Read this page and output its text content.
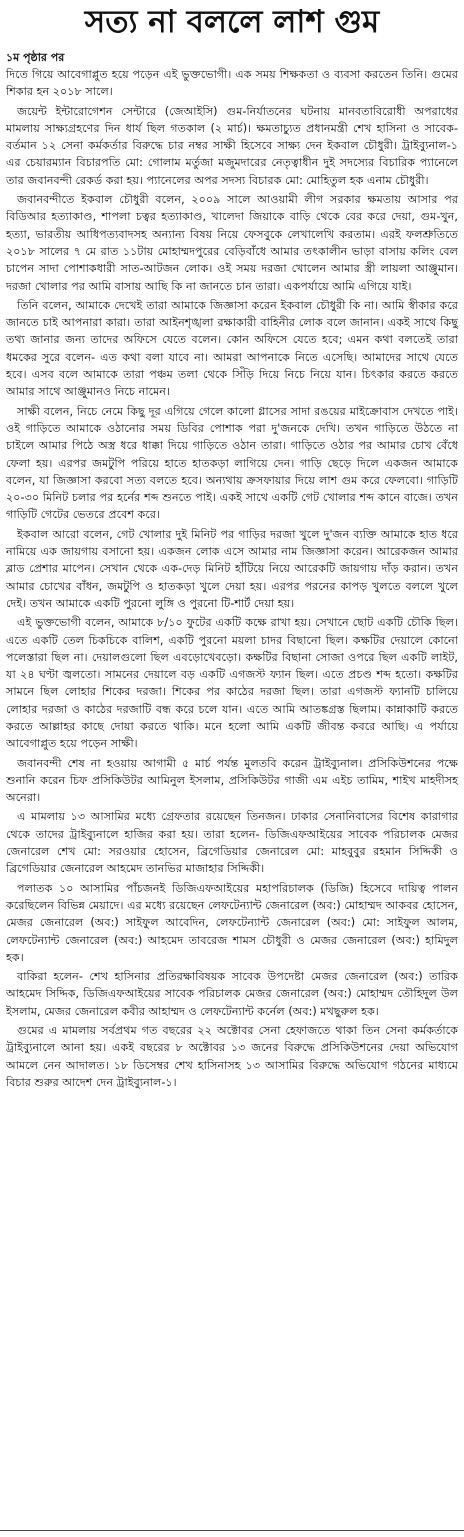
সত্য না বললে লাশ গুম
১ম পৃষ্ঠার পর

দিতে গিয়ে আবেগাপ্লুত হয়ে পড়েন এই ভুক্তভোগী। এক সময় শিক্ষকতা ও ব্যবসা করতেন তিনি। গুমের শিকার হন ২০১৮ সালে।

জয়েন্ট ইন্টারোগেশন সেন্টারে (জেআইসি) গুম-নির্যাতনের ঘটনায় মানবতাবিরোধী অপরাধের মামলায় সাক্ষ্যগ্রহণের দিন ধার্য ছিল গতকাল (২ মার্চ)। ক্ষমতাচ্যুত প্রধানমন্ত্রী শেখ হাসিনা ও সাবেক-বর্তমান ১২ সেনা কর্মকর্তার বিরুদ্ধে চার নম্বর সাক্ষী হিসেবে সাক্ষ্য দেন ইকবাল চৌধুরী। ট্রাইব্যুনাল-১ এর চেয়ারম্যান বিচারপতি মো: গোলাম মর্তুজা মজুমদারের নেতৃত্বাধীন দুই সদস্যের বিচারিক প্যানেলে তার জবানবন্দী রেকর্ড করা হয়। প্যানেলের অপর সদস্য বিচারক মো: মোহিতুল হক এনাম চৌধুরী।

জবানবন্দীতে ইকবাল চৌধুরী বলেন, ২০০৯ সালে আওয়ামী লীগ সরকার ক্ষমতায় আসার পর বিডিআর হত্যাকাণ্ড, শাপলা চত্বর হত্যাকাণ্ড, খালেদা জিয়াকে বাড়ি থেকে বের করে দেয়া, গুম-খুন, হত্যা, ভারতীয় আধিপত্যবাদসহ অন্যান্য বিষয় নিয়ে ফেসবুকে লেখালেখি করতাম। এরই ফলশ্রুতিতে ২০১৮ সালের ৭ মে রাত ১১টায় মোহাম্মদপুরের বেড়িবাঁধে আমার তৎকালীন ভাড়া বাসায় কলিং বেল চাপেন সাদা পোশাকধারী সাত-আটজন লোক। ওই সময় দরজা খোলেন আমার স্ত্রী লায়লা আঞ্জুমান। দরজা খোলার পর আমি বাসায় আছি কি না জানতে চান তারা। একপর্যায়ে আমি এগিয়ে যাই।

তিনি বলেন, আমাকে দেখেই তারা আমাকে জিজ্ঞাসা করেন ইকবাল চৌধুরী কি না। আমি স্বীকার করে জানতে চাই আপনারা কারা। তারা আইনশৃঙ্খলা রক্ষাকারী বাহিনীর লোক বলে জানান। একই সাথে কিছু তথ্য জানার জন্য তাদের অফিসে যেতে বলেন। কোন অফিসে যেতে হবে; এমন কথা বলতেই তারা ধমকের সুরে বলেন- এত কথা বলা যাবে না। আমরা আপনাকে নিতে এসেছি। আমাদের সাথে যেতে হবে। এসব বলে আমাকে তারা পঞ্চম তলা থেকে সিঁড়ি দিয়ে নিচে নিয়ে যান। চিৎকার করতে করতে আমার সাথে আঞ্জুমানও নিচে নামেন।

সাক্ষী বলেন, নিচে নেমে কিছু দূর এগিয়ে গেলে কালো গ্লাসের সাদা রঙয়ের মাইক্রোবাস দেখতে পাই। ওই গাড়িতে আমাকে ওঠানোর সময় ডিবির পোশাক পরা দু'জনকে দেখি। তখন গাড়িতে উঠতে না চাইলে আমার পিঠে অস্ত্র ধরে ধাক্কা দিয়ে গাড়িতে ওঠান তারা। গাড়িতে ওঠার পর আমার চোখ বেঁধে ফেলা হয়। এরপর জমটুপি পরিয়ে হাতে হাতকড়া লাগিয়ে দেন। গাড়ি ছেড়ে দিলে একজন আমাকে বলেন, যা জিজ্ঞাসা করবো সত্য বলতে হবে। অন্যথায় ক্রসফায়ার দিয়ে লাশ গুম করে ফেলবো। গাড়িটি ২০-৩০ মিনিট চলার পর হর্নের শব্দ শুনতে পাই। একই সাথে একটি গেট খোলার শব্দ কানে বাজে। তখন গাড়িটি গেটের ভেতরে প্রবেশ করে।

ইকবাল আরো বলেন, গেট খোলার দুই মিনিট পর গাড়ির দরজা খুলে দু'জন ব্যক্তি আমাকে হাত ধরে নামিয়ে এক জায়গায় বসানো হয়। একজন লোক এসে আমার নাম জিজ্ঞাসা করেন। আরেকজন আমার ব্লাড প্রেশার মাপেন। সেখান থেকে এক-দেড় মিনিট হাঁটিয়ে নিয়ে আরেকটি জায়গায় দাঁড় করান। তখন আমার চোখের বাঁধন, জমটুপি ও হাতকড়া খুলে দেয়া হয়। এরপর পরনের কাপড় খুলতে বললে খুলে দেই। তখন আমাকে একটি পুরনো লুঙ্গি ও পুরনো টি-শার্ট দেয়া হয়।

এই ভুক্তভোগী বলেন, আমাকে ৮/১০ ফুটের একটি কক্ষে রাখা হয়। সেখানে ছোট একটি চৌকি ছিল। এতে একটি তেল চিকচিকে বালিশ, একটি পুরনো ময়লা চাদর বিছানো ছিল। কক্ষটির দেয়ালে কোনো পলেস্তারা ছিল না। দেয়ালগুলো ছিল এবড়োখেবড়ো। কক্ষটির বিছানা সোজা ওপরে ছিল একটি লাইট, যা ২৪ ঘণ্টা জ্বলতো। সামনের দেয়ালে বড় একটি এগজস্ট ফ্যান ছিল। এতে প্রচণ্ড শব্দ হতো। কক্ষটির সামনে ছিল লোহার শিকের দরজা। শিকের পর কাঠের দরজা ছিল। তারা এগজস্ট ফ্যানটি চালিয়ে লোহার দরজা ও কাঠের দরজাটি বন্ধ করে চলে যান। এতে আমি আতঙ্কগ্রস্ত ছিলাম। কান্নাকাটি করতে করতে আল্লাহর কাছে দোয়া করতে থাকি। মনে হলো আমি একটি জীবন্ত কবরে আছি। এ পর্যায়ে আবেগাপ্লুত হয়ে পড়েন সাক্ষী।

জবানবন্দী শেষ না হওয়ায় আগামী ৫ মার্চ পর্যন্ত মুলতবি করেন ট্রাইব্যুনাল। প্রসিকিউশনের পক্ষে শুনানি করেন চিফ প্রসিকিউটর আমিনুল ইসলাম, প্রসিকিউটর গাজী এম এইচ তামিম, শাইখ মাহদীসহ অনেরা।

এ মামলায় ১৩ আসামির মধ্যে গ্রেফতার রয়েছেন তিনজন। ঢাকার সেনানিবাসের বিশেষ কারাগার থেকে তাদের ট্রাইব্যুনালে হাজির করা হয়। তারা হলেন- ডিজিএফআইয়ের সাবেক পরিচালক মেজর জেনারেল শেখ মো: সরওয়ার হোসেন, ব্রিগেডিয়ার জেনারেল মো: মাহবুবুর রহমান সিদ্দিকী ও ব্রিগেডিয়ার জেনারেল আহমেদ তানভির মাজাহার সিদ্দিকী।

পলাতক ১০ আসামির পাঁচজনই ডিজিএফআইয়ের মহাপরিচালক (ডিজি) হিসেবে দায়িত্ব পালন করেছিলেন বিভিন্ন মেয়াদে। এর মধ্যে রয়েছেন লেফটেন্যান্ট জেনারেল (অব:) মোহাম্মদ আকবর হোসেন, মেজর জেনারেল (অব:) সাইফুল আবেদিন, লেফটেন্যান্ট জেনারেল (অব:) মো: সাইফুল আলম, লেফটেন্যান্ট জেনারেল (অব:) আহমেদ তাবরেজ শামস চৌধুরী ও মেজর জেনারেল (অব:) হামিদুল হক।

বাকিরা হলেন- শেখ হাসিনার প্রতিরক্ষাবিষয়ক সাবেক উপদেষ্টা মেজর জেনারেল (অব:) তারিক আহমেদ সিদ্দিক, ডিজিএফআইয়ের সাবেক পরিচালক মেজর জেনারেল (অব:) মোহাম্মদ তৌহিদুল উল ইসলাম, মেজর জেনারেল কবীর আহাম্মদ ও লেফটেন্যান্ট কর্নেল (অব:) মখছুরুল হক।

গুমের এ মামলায় সর্বপ্রথম গত বছরের ২২ অক্টোবর সেনা হেফাজতে থাকা তিন সেনা কর্মকর্তাকে ট্রাইব্যুনালে আনা হয়। একই বছরের ৮ অক্টোবর ১৩ জনের বিরুদ্ধে প্রসিকিউশনের দেয়া অভিযোগ আমলে নেন আদালত। ১৮ ডিসেম্বর শেখ হাসিনাসহ ১৩ আসামির বিরুদ্ধে অভিযোগ গঠনের মাধ্যমে বিচার শুরুর আদেশ দেন ট্রাইব্যুনাল-১।
